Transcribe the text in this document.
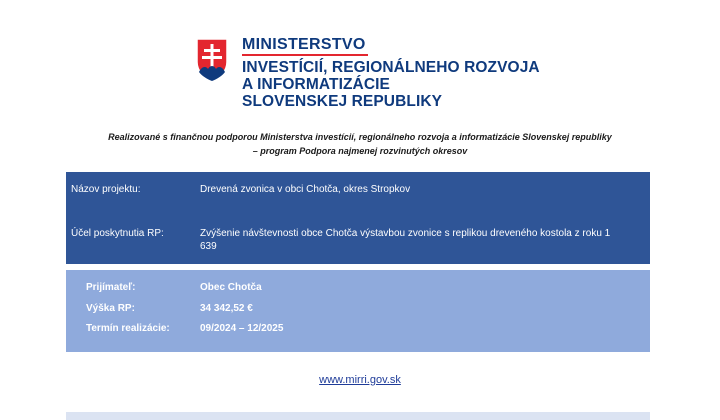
MINISTERSTVO
INVESTÍCIÍ, REGIONÁLNEHO ROZVOJA
A INFORMATIZÁCIE
SLOVENSKEJ REPUBLIKY
Realizované s finančnou podporou Ministerstva investícií, regionálneho rozvoja a informatizácie Slovenskej republiky
– program Podpora najmenej rozvinutých okresov
Názov projektu:	Drevená zvonica v obci Chotča, okres Stropkov
Účel poskytnutia RP:	Zvýšenie návštevnosti obce Chotča výstavbou zvonice s replikou dreveného kostola z roku 1 639
Prijímateľ:	Obec Chotča
Výška RP:	34 342,52 €
Termín realizácie:	09/2024 – 12/2025
www.mirri.gov.sk
